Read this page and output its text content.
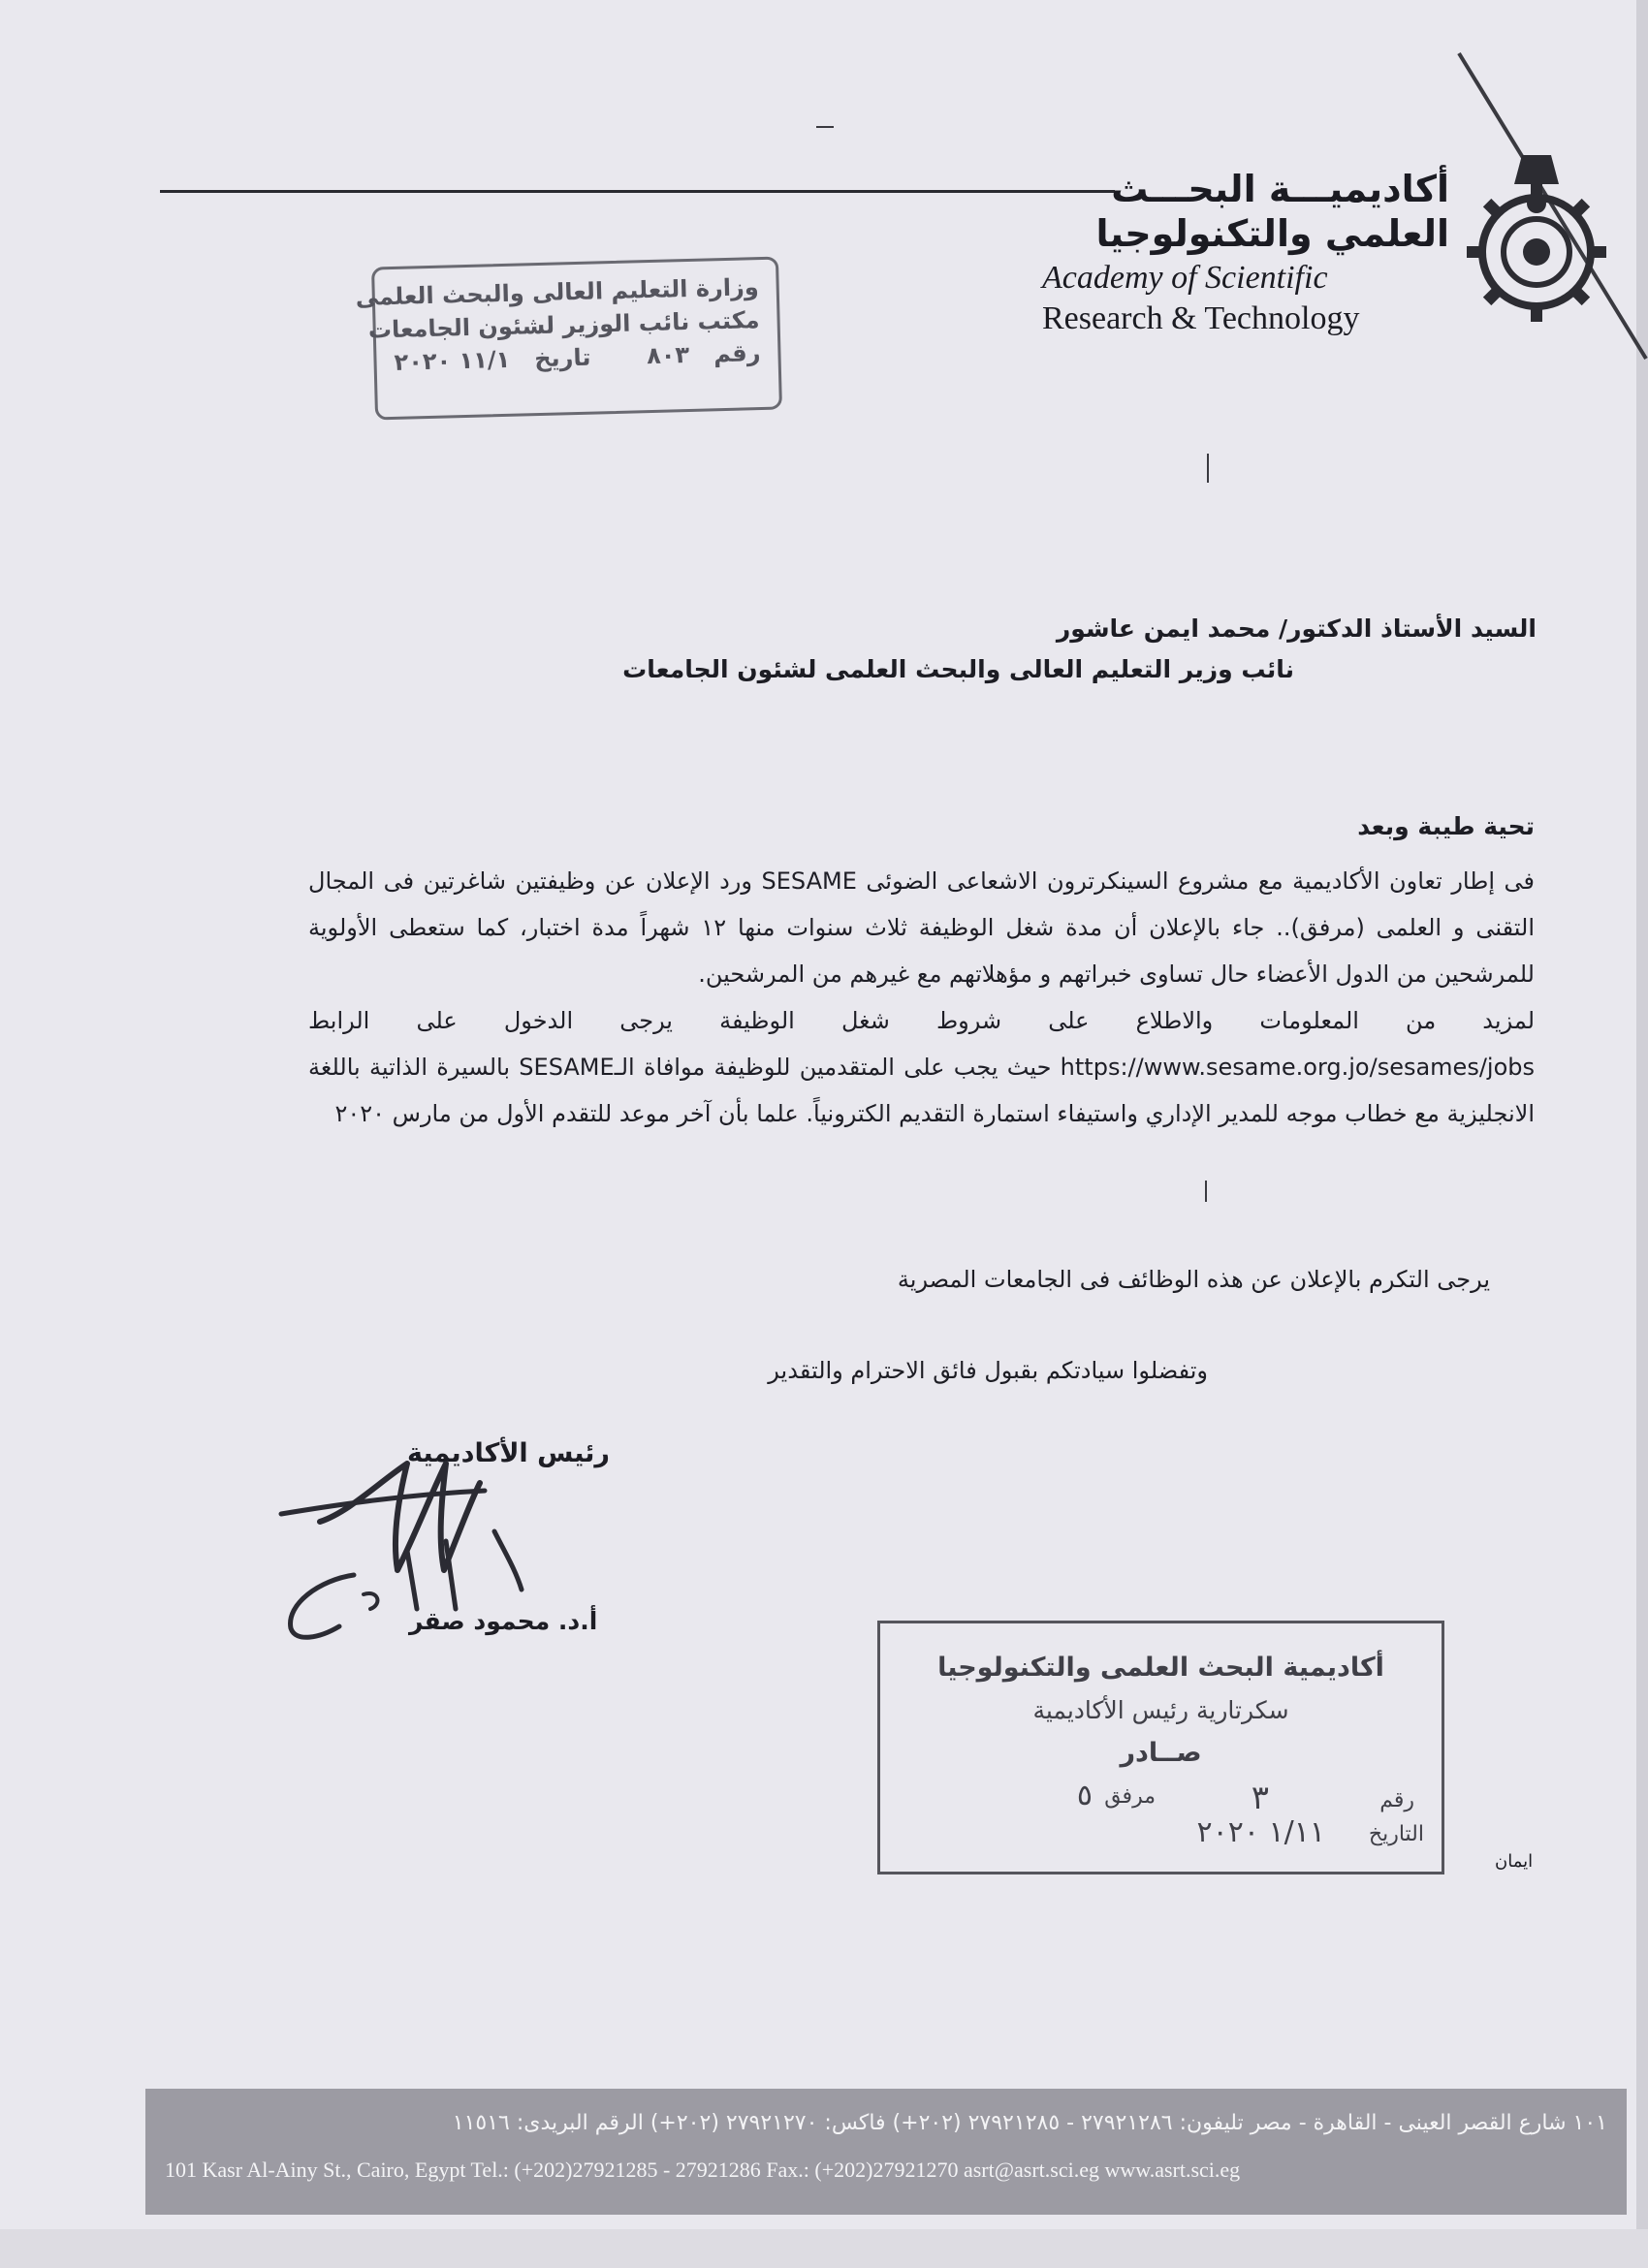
أكاديميـــة البحـــث
العلمي والتكنولوجيا
Academy of Scientific
Research & Technology
وزارة التعليم العالى والبحث العلمى
مكتب نائب الوزير لشئون الجامعات
رقم   ٨٠٣
تاريخ   ١١/١ ٢٠٢٠
السيد الأستاذ الدكتور/ محمد ايمن عاشور
نائب وزير التعليم العالى والبحث العلمى لشئون الجامعات
تحية طيبة وبعد

فى إطار تعاون الأكاديمية مع مشروع السينكرترون الاشعاعى الضوئى SESAME ورد الإعلان عن وظيفتين شاغرتين فى المجال التقنى و العلمى (مرفق).. جاء بالإعلان أن مدة شغل الوظيفة ثلاث سنوات منها ١٢ شهراً مدة اختبار، كما ستعطى الأولوية للمرشحين من الدول الأعضاء حال تساوى خبراتهم و مؤهلاتهم مع غيرهم من المرشحين.

لمزيد من المعلومات والاطلاع على شروط شغل الوظيفة يرجى الدخول على الرابط https://www.sesame.org.jo/sesames/jobs حيث يجب على المتقدمين للوظيفة موافاة الـSESAME بالسيرة الذاتية باللغة الانجليزية مع خطاب موجه للمدير الإداري واستيفاء استمارة التقديم الكترونياً. علما بأن آخر موعد للتقدم الأول من مارس ٢٠٢٠

يرجى التكرم بالإعلان عن هذه الوظائف فى الجامعات المصرية
وتفضلوا سيادتكم بقبول فائق الاحترام والتقدير
رئيس الأكاديمية
أ.د. محمود صقر
أكاديمية البحث العلمى والتكنولوجيا
سكرتارية رئيس الأكاديمية
صــادر
رقم
٣
مرفق
٥
التاريخ
١/١١ ٢٠٢٠
ايمان
١٠١ شارع القصر العينى - القاهرة - مصر تليفون: ٢٧٩٢١٢٨٦ - ٢٧٩٢١٢٨٥ (٢٠٢+) فاكس: ٢٧٩٢١٢٧٠ (٢٠٢+) الرقم البريدى: ١١٥١٦
101 Kasr Al-Ainy St., Cairo, Egypt Tel.: (+202)27921285 - 27921286 Fax.: (+202)27921270 asrt@asrt.sci.eg www.asrt.sci.eg
